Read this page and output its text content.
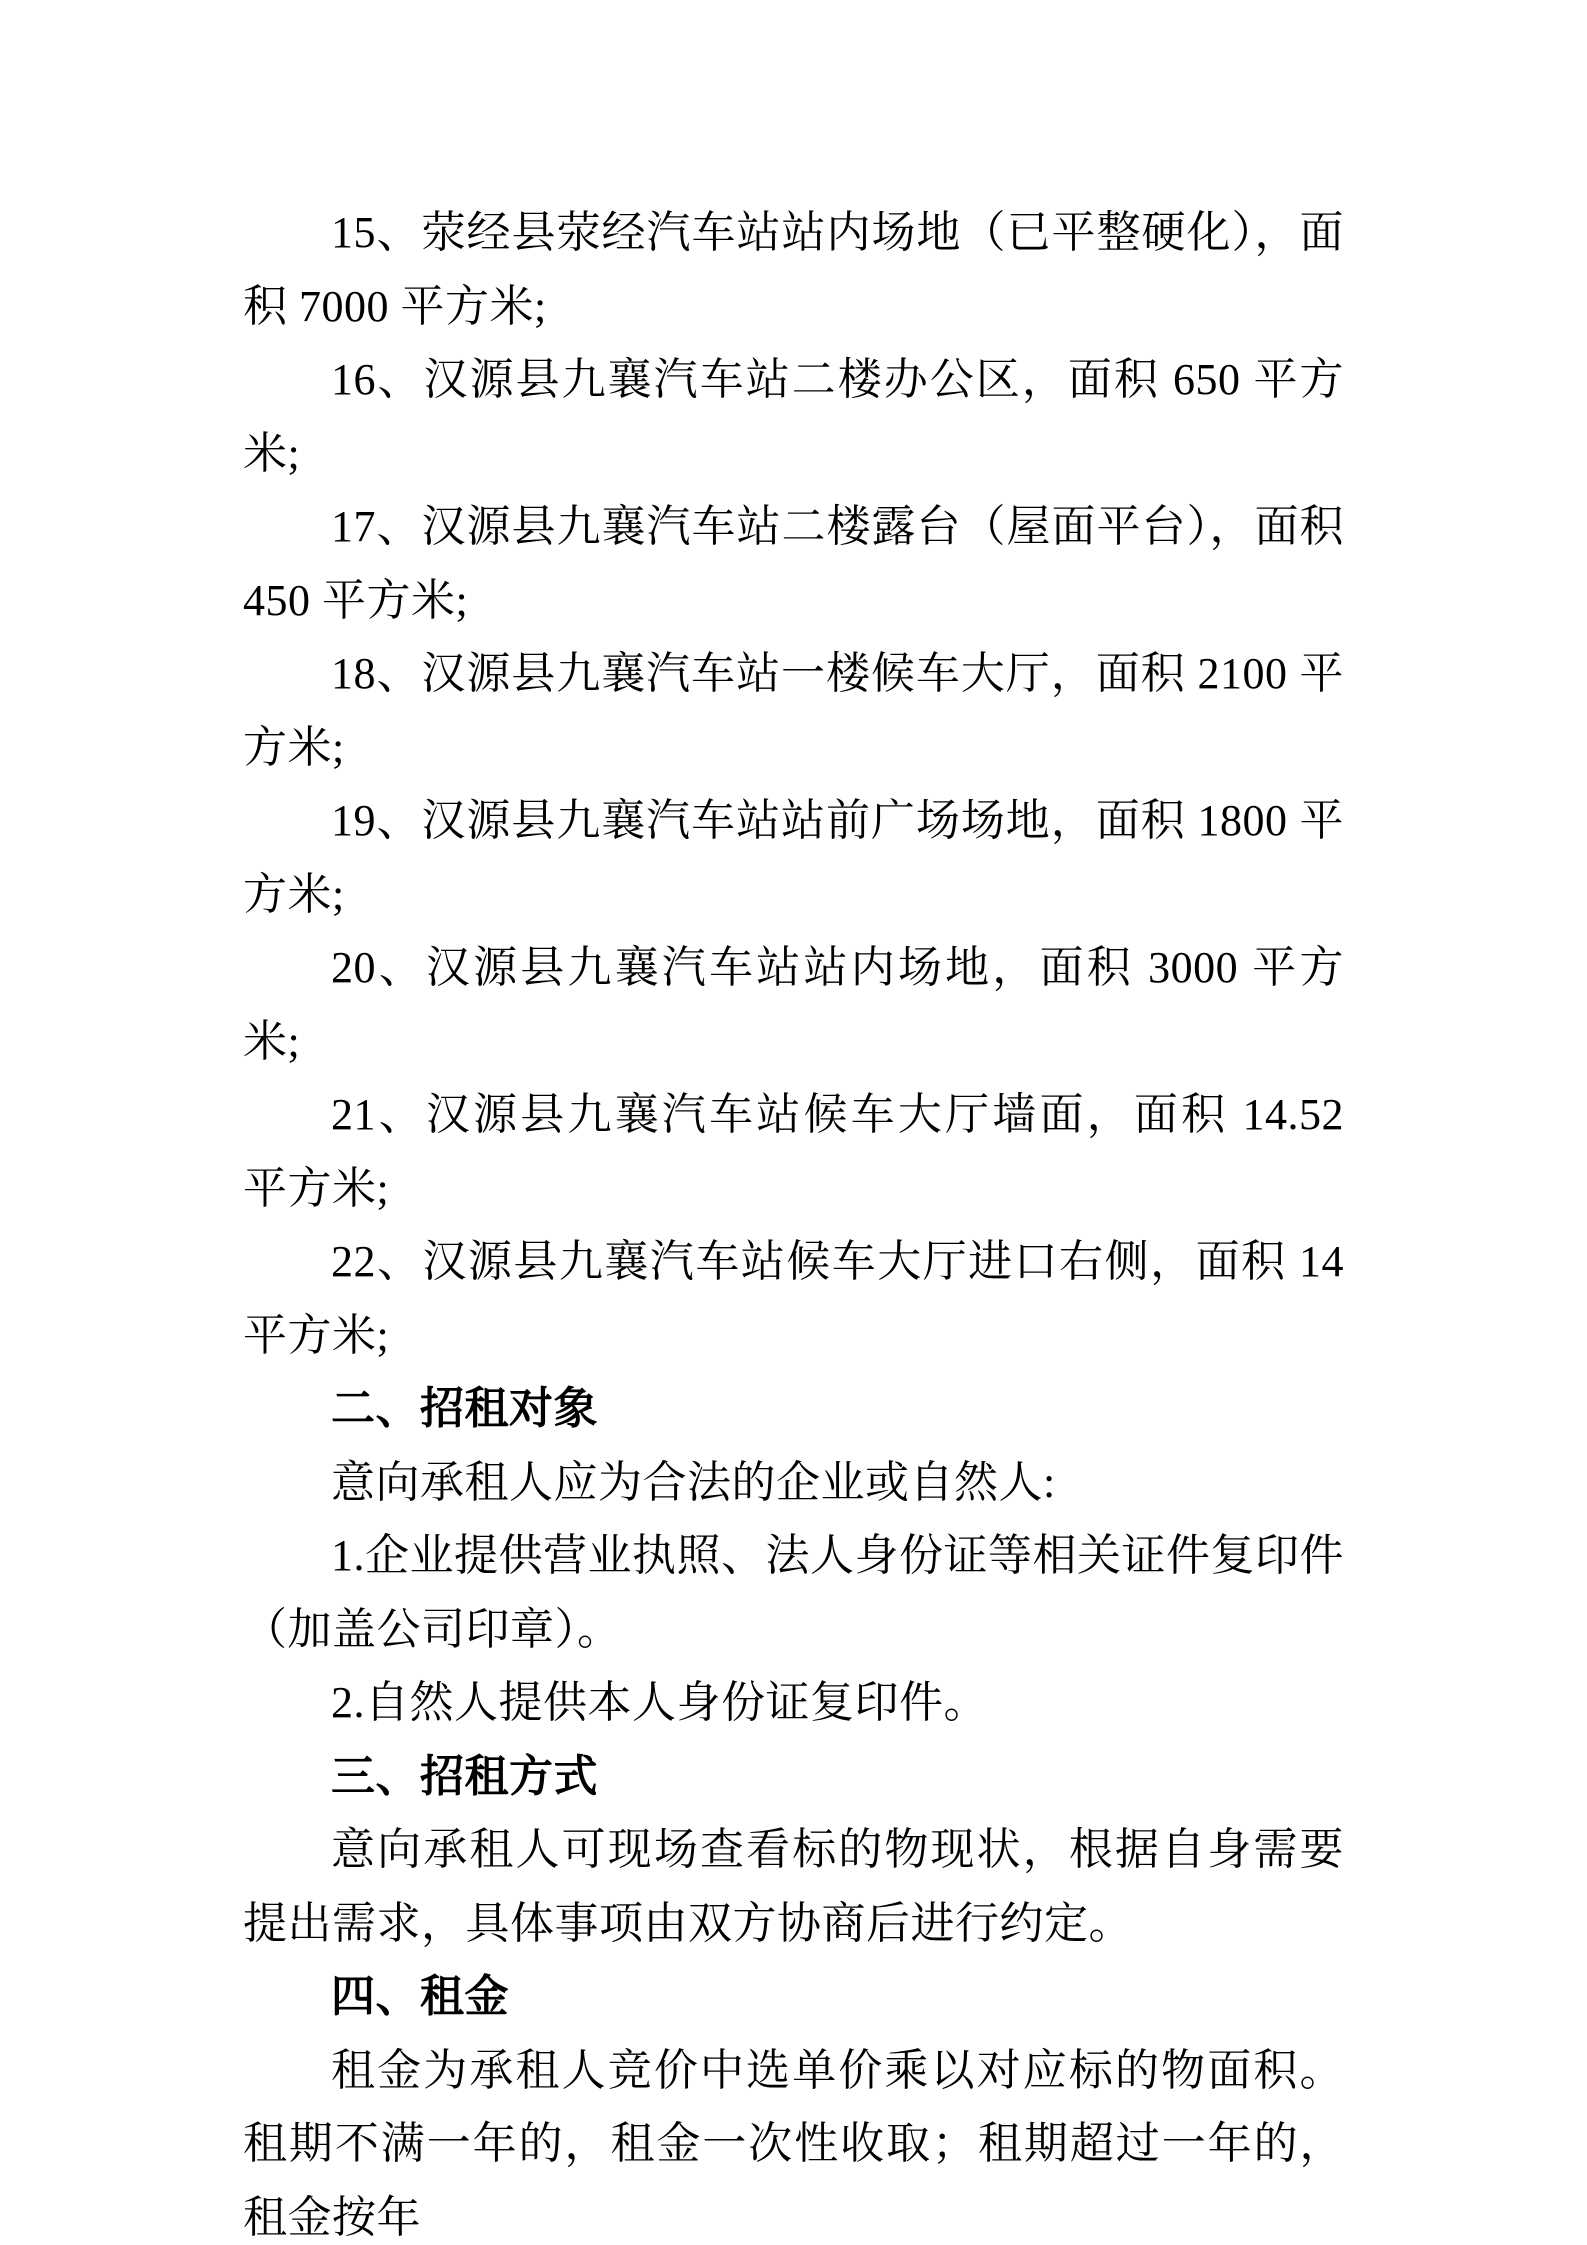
15、荥经县荥经汽车站站内场地（已平整硬化），面积 7000 平方米;

16、汉源县九襄汽车站二楼办公区，面积 650 平方米;

17、汉源县九襄汽车站二楼露台（屋面平台），面积 450 平方米;

18、汉源县九襄汽车站一楼候车大厅，面积 2100 平方米;

19、汉源县九襄汽车站站前广场场地，面积 1800 平方米;

20、汉源县九襄汽车站站内场地，面积 3000 平方米;

21、汉源县九襄汽车站候车大厅墙面，面积 14.52 平方米;

22、汉源县九襄汽车站候车大厅进口右侧，面积 14 平方米;

二、招租对象

意向承租人应为合法的企业或自然人:

1.企业提供营业执照、法人身份证等相关证件复印件（加盖公司印章）。

2.自然人提供本人身份证复印件。

三、招租方式

意向承租人可现场查看标的物现状，根据自身需要提出需求，具体事项由双方协商后进行约定。

四、租金

租金为承租人竞价中选单价乘以对应标的物面积。租期不满一年的，租金一次性收取；租期超过一年的，租金按年
